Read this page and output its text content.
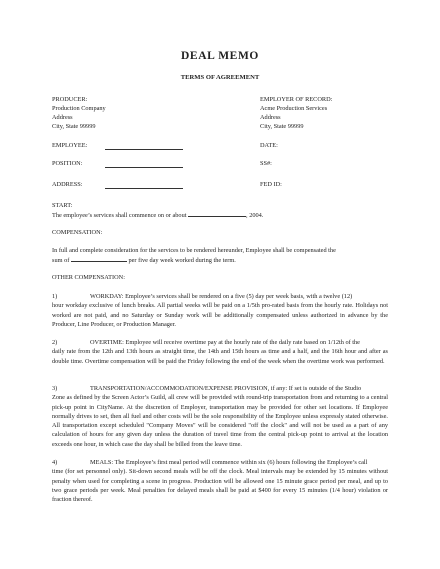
DEAL MEMO
TERMS OF AGREEMENT
PRODUCER:
Production Company
Address
City, State 99999
EMPLOYER OF RECORD:
Acme Production Services
Address
City, State 99999
EMPLOYEE:	DATE:
POSITION:	SS#:
ADDRESS:	FED ID:
START:
The employee’s services shall commence on or about	, 2004.
COMPENSATION:
In full and complete consideration for the services to be rendered hereunder, Employee shall be compensated the
sum of	per five day week worked during the term.
OTHER COMPENSATION:
1)	WORKDAY: Employee’s services shall be rendered on a five (5) day per week basis, with a twelve (12)
hour workday exclusive of lunch breaks. All partial weeks will be paid on a 1/5th pro-rated basis from the hourly rate. Holidays not worked are not paid, and no Saturday or Sunday work will be additionally compensated unless authorized in advance by the Producer, Line Producer, or Production Manager.
2)	OVERTIME: Employee will receive overtime pay at the hourly rate of the daily rate based on 1/12th of the
daily rate from the 12th and 13th hours as straight time, the 14th and 15th hours as time and a half, and the 16th hour and after as double time. Overtime compensation will be paid the Friday following the end of the week when the overtime work was performed.
3)	TRANSPORTATION/ACCOMMODATION/EXPENSE PROVISION, if any: If set is outside of the Studio
Zone as defined by the Screen Actor’s Guild, all crew will be provided with round-trip transportation from and returning to a central pick-up point in CityName. At the discretion of Employer, transportation may be provided for other set locations. If Employee normally drives to set, then all fuel and other costs will be the sole responsibility of the Employee unless expressly stated otherwise. All transportation except scheduled "Company Moves" will be considered "off the clock" and will not be used as a part of any calculation of hours for any given day unless the duration of travel time from the central pick-up point to arrival at the location exceeds one hour, in which case the day shall be billed from the leave time.
4)	MEALS: The Employee’s first meal period will commence within six (6) hours following the Employee’s call
time (for set personnel only). Sit-down second meals will be off the clock. Meal intervals may be extended by 15 minutes without penalty when used for completing a scene in progress. Production will be allowed one 15 minute grace period per meal, and up to two grace periods per week. Meal penalties for delayed meals shall be paid at $400 for every 15 minutes (1/4 hour) violation or fraction thereof.
